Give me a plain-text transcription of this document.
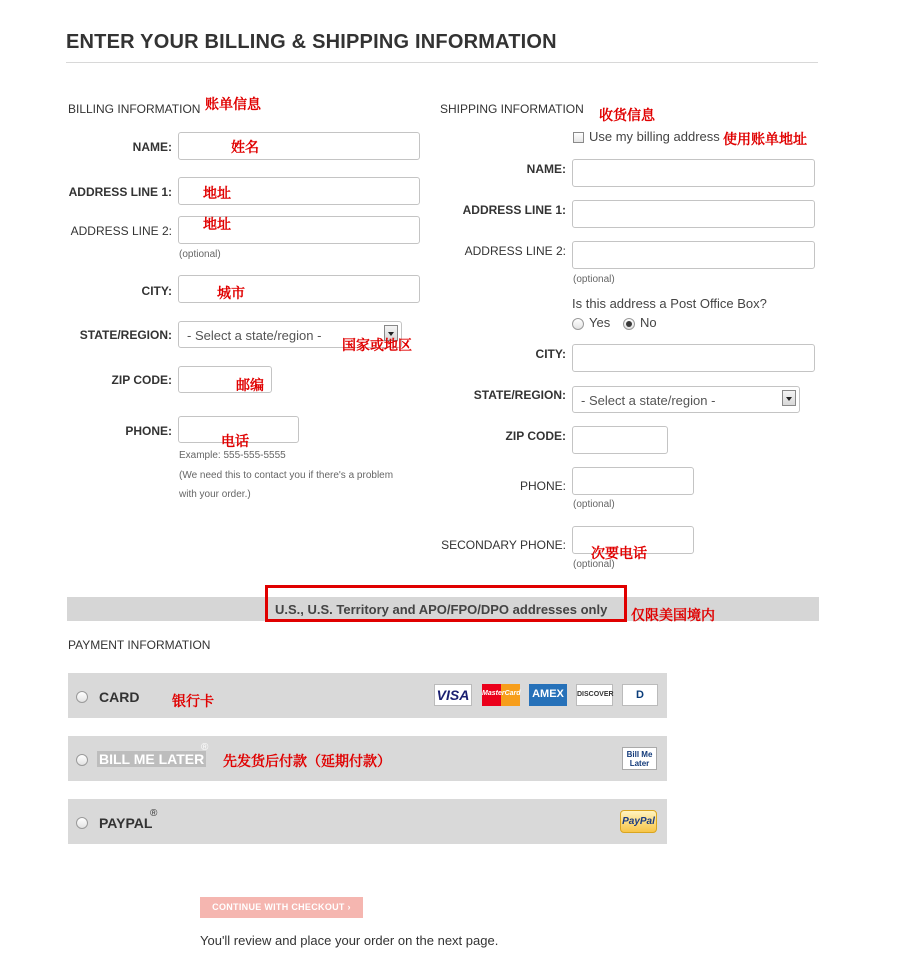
ENTER YOUR BILLING & SHIPPING INFORMATION
BILLING INFORMATION 账单信息
NAME:	姓名
ADDRESS LINE 1: 地址
ADDRESS LINE 2: 地址
(optional)
CITY:	城市
STATE/REGION:	- Select a state/region -
国家或地区
ZIP CODE:	邮编
PHONE:
电话
Example: 555-555-5555
(We need this to contact you if there's a problem
with your order.)
SHIPPING INFORMATION 收货信息
Use my billing address 使用账单地址
NAME:
ADDRESS LINE 1:
ADDRESS LINE 2:
(optional)
Is this address a Post Office Box?
Yes No
CITY:
STATE/REGION:	- Select a state/region -
ZIP CODE:
PHONE:
(optional)
SECONDARY PHONE:
(optional)
次要电话
U.S., U.S. Territory and APO/FPO/DPO addresses only 仅限美国境内
PAYMENT INFORMATION
CARD 银行卡	VISA	MasterCard AMEX	DISCOVER	D
BILL ME LATER
®
先发货后付款（延期付款）	Bill Me
Later
PAYPAL
®
PayPal
CONTINUE WITH CHECKOUT ›
You'll review and place your order on the next page.
